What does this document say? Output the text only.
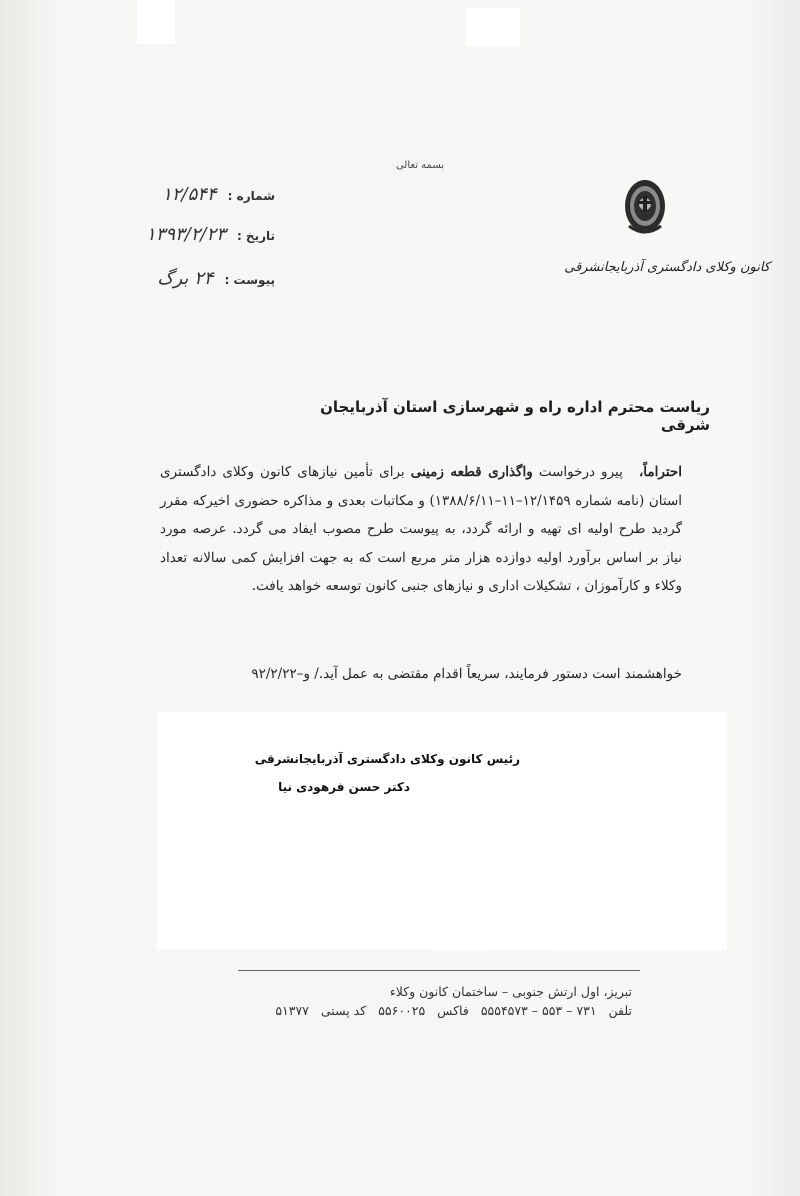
بسمه تعالی
کانون وکلای دادگستری آذربایجانشرقی
شماره : ۱۲/۵۴۴
تاریخ : ۱۳۹۳/۲/۲۳
پیوست : ۲۴ برگ
ریاست محترم اداره راه و شهرسازی استان آذربایجان شرقی
احتراماً، پیرو درخواست واگذاری قطعه زمینی برای تأمین نیازهای کانون وکلای دادگستری استان (نامه شماره ۱۲/۱۴۵۹–۱۱–۱۳۸۸/۶/۱۱) و مکاتبات بعدی و مذاکره حضوری اخیرکه مقرر گردید طرح اولیه ای تهیه و ارائه گردد، به پیوست طرح مصوب ایفاد می گردد. عرصه مورد نیاز بر اساس برآورد اولیه دوازده هزار متر مربع است که به جهت افزایش کمی سالانه تعداد وکلاء و کارآموزان ، تشکیلات اداری و نیازهای جنبی کانون توسعه خواهد یافت.
خواهشمند است دستور فرمایند، سریعاً اقدام مقتضی به عمل آید./ و–۹۲/۲/۲۲
رئیس کانون وکلای دادگستری آذربایجانشرقی
دکتر حسن فرهودی نیا
تبریز، اول ارتش جنوبی – ساختمان کانون وکلاء
تلفن ۷۳۱ – ۵۵۳ – ۵۵۵۴۵۷۳ فاکس ۵۵۶۰۰۲۵ کد پستی ۵۱۳۷۷
